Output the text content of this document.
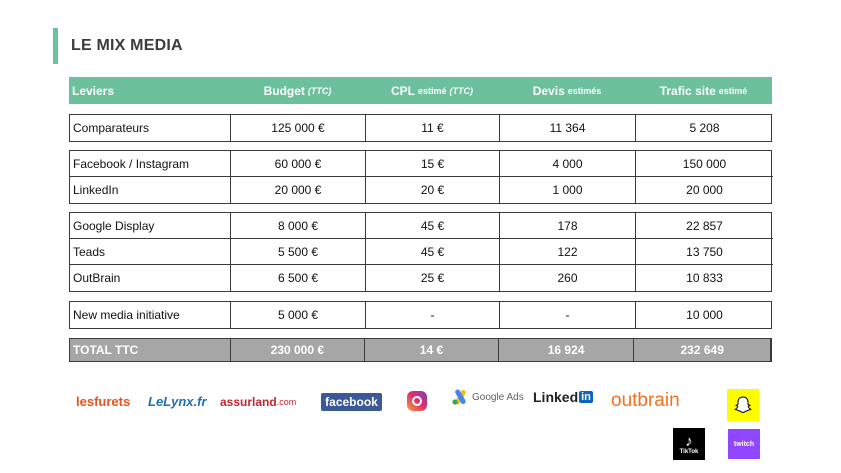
LE MIX MEDIA
Leviers	Budget (TTC)	CPL estimé (TTC)	Devis estimés	Trafic site estimé
Comparateurs	125 000 €	11 €	11 364	5 208
Facebook / Instagram	60 000 €	15 €	4 000	150 000
LinkedIn	20 000 €	20 €	1 000	20 000
Google Display	8 000 €	45 €	178	22 857
Teads	5 500 €	45 €	122	13 750
OutBrain	6 500 €	25 €	260	10 833
New media initiative	5 000 €	-	-	10 000
TOTAL TTC	230 000 €	14 €	16 924	232 649
lesfurets LeLynx.fr assurland .com	facebook	Google Ads Linked in outbrain
♪
TikTok
twitch
